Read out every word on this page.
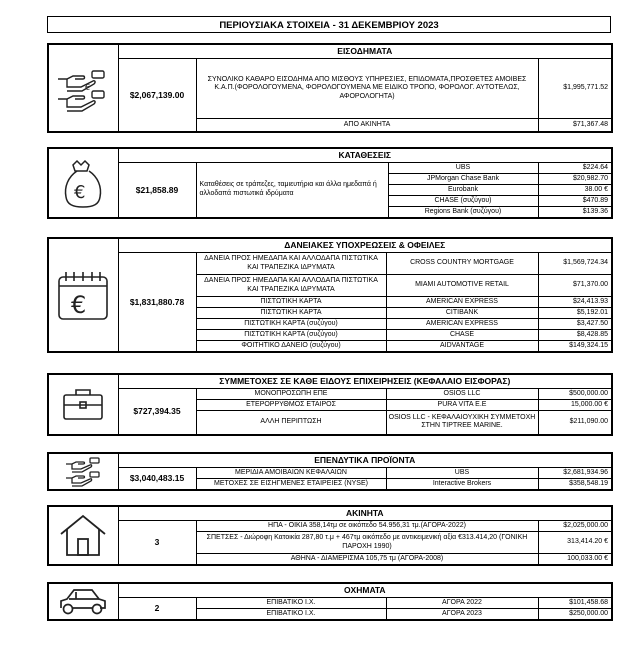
ΠΕΡΙΟΥΣΙΑΚΑ ΣΤΟΙΧΕΙΑ - 31 ΔΕΚΕΜΒΡΙΟΥ 2023
€	ΕΙΣΟΔΗΜΑΤΑ		
	$2,067,139.00	ΣΥΝΟΛΙΚΟ ΚΑΘΑΡΟ ΕΙΣΟΔΗΜΑ ΑΠΟ ΜΙΣΘΟΥΣ ΥΠΗΡΕΣΙΕΣ, ΕΠΙΔΟΜΑΤΑ,ΠΡΟΣΘΕΤΕΣ ΑΜΟΙΒΕΣ Κ.Α.Π.(ΦΟΡΟΛΟΓΟΥΜΕΝΑ, ΦΟΡΟΛΟΓΟΥΜΕΝΑ ΜΕ ΕΙΔΙΚΟ ΤΡΟΠΟ, ΦΟΡΟΛΟΓ. ΑΥΤΟΤΕΛΩΣ, ΑΦΟΡΟΛΟΓΗΤΑ)	$1,995,771.52
		ΑΠΟ ΑΚΙΝΗΤΑ	$71,367.48
€	ΚΑΤΑΘΕΣΕΙΣ			
	$21,858.89	Καταθέσεις σε τράπεζες, ταμιευτήρια και άλλα ημεδαπά ή αλλοδαπά πιστωτικά ιδρύματα	UBS	$224.64
			JPMorgan Chase Bank	$20,982.70
			Eurobank	38.00 €
			CHASE (συζύγου)	$470.89
			Regions Bank (συζύγου)	$139.36
€	ΔΑΝΕΙΑΚΕΣ ΥΠΟΧΡΕΩΣΕΙΣ & ΟΦΕΙΛΕΣ			
	$1,831,880.78	ΔΑΝΕΙΑ ΠΡΟΣ ΗΜΕΔΑΠΑ ΚΑΙ ΑΛΛΟΔΑΠΑ ΠΙΣΤΩΤΙΚΑ ΚΑΙ ΤΡΑΠΕΖΙΚΑ ΙΔΡΥΜΑΤΑ	CROSS COUNTRY MORTGAGE	$1,569,724.34
		ΔΑΝΕΙΑ ΠΡΟΣ ΗΜΕΔΑΠΑ ΚΑΙ ΑΛΛΟΔΑΠΑ ΠΙΣΤΩΤΙΚΑ ΚΑΙ ΤΡΑΠΕΖΙΚΑ ΙΔΡΥΜΑΤΑ	MIAMI AUTOMOTIVE RETAIL	$71,370.00
		ΠΙΣΤΩΤΙΚΗ ΚΑΡΤΑ	AMERICAN EXPRESS	$24,413.93
		ΠΙΣΤΩΤΙΚΗ ΚΑΡΤΑ	CITIBANK	$5,192.01
		ΠΙΣΤΩΤΙΚΗ ΚΑΡΤΑ (συζύγου)	AMERICAN EXPRESS	$3,427.50
		ΠΙΣΤΩΤΙΚΗ ΚΑΡΤΑ (συζύγου)	CHASE	$8,428.85
		ΦΟΙΤΗΤΙΚΟ ΔΑΝΕΙΟ (συζύγου)	AIDVANTAGE	$149,324.15
	ΣΥΜΜΕΤΟΧΕΣ ΣΕ ΚΑΘΕ ΕΙΔΟΥΣ ΕΠΙΧΕΙΡΗΣΕΙΣ (ΚΕΦΑΛΑΙΟ ΕΙΣΦΟΡΑΣ)			
	$727,394.35	ΜΟΝΟΠΡΟΣΩΠΗ ΕΠΕ	OSIOS LLC	$500,000.00
		ΕΤΕΡΟΡΡΥΘΜΟΣ ΕΤΑΙΡΟΣ	PURA VITA Ε.Ε	15,000.00 €
		ΑΛΛΗ ΠΕΡΙΠΤΩΣΗ	OSIOS LLC - ΚΕΦΑΛΑΙΟΥΧΙΚΗ ΣΥΜΜΕΤΟΧΗ ΣΤΗΝ TIPTREE MARINE.	$211,090.00
	ΕΠΕΝΔΥΤΙΚΑ ΠΡΟΪΟΝΤΑ			
	$3,040,483.15	ΜΕΡΙΔΙΑ ΑΜΟΙΒΑΙΩΝ ΚΕΦΑΛΑΙΩΝ	UBS	$2,681,934.96
		ΜΕΤΟΧΕΣ ΣΕ ΕΙΣΗΓΜΕΝΕΣ ΕΤΑΙΡΕΙΕΣ (NYSE)	Interactive Brokers	$358,548.19
	ΑΚΙΝΗΤΑ		
	3	ΗΠΑ - ΟΙΚΙΑ 358,14τμ σε οικόπεδο 54.956,31 τμ.(ΑΓΟΡΑ-2022)	$2,025,000.00
		ΣΠΕΤΣΕΣ - Διώροφη Κατοικία 287,80 τ.μ + 467τμ οικόπεδο με αντικειμενική αξία €313.414,20 (ΓΟΝΙΚΗ ΠΑΡΟΧΗ 1990)	313,414.20 €
		ΑΘΗΝΑ - ΔΙΑΜΕΡΙΣΜΑ 105,75 τμ (ΑΓΟΡΑ-2008)	100,033.00 €
	ΟΧΗΜΑΤΑ			
	2	ΕΠΙΒΑΤΙΚΟ Ι.Χ.	ΑΓΟΡΑ 2022	$101,458.68
		ΕΠΙΒΑΤΙΚΟ Ι.Χ.	ΑΓΟΡΑ 2023	$250,000.00
